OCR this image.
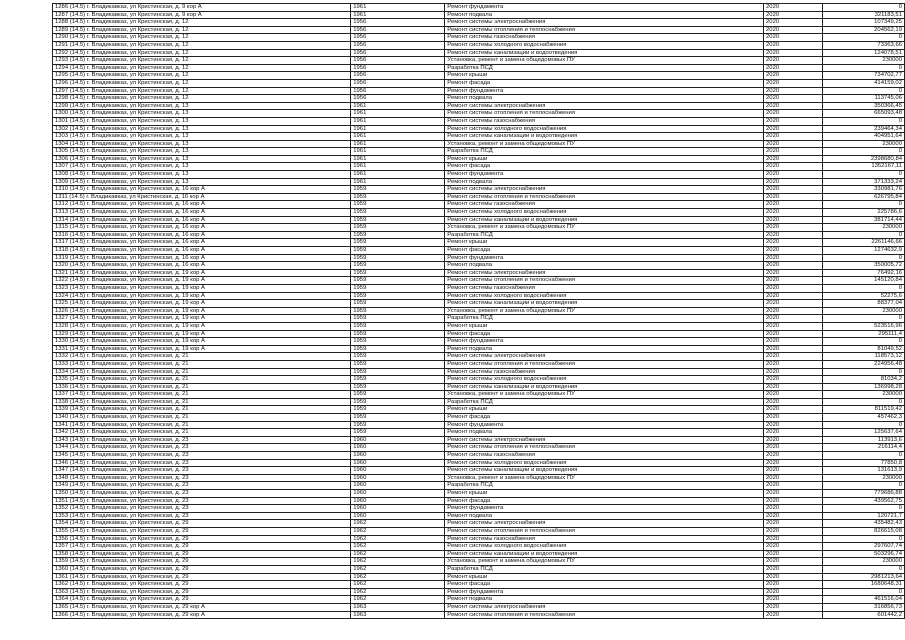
1286 (14.5) г. Владикавказ, ул Кристинская, д. 9 кор А	1961	Ремонт фундамента	2020	0
1287 (14.5) г. Владикавказ, ул Кристинская, д. 9 кор А	1961	Ремонт подвала	2020	321183,51
1288 (14.5) г. Владикавказ, ул Кристинская, д. 12	1956	Ремонт системы электроснабжения	2020	107349,25
1289 (14.5) г. Владикавказ, ул Кристинская, д. 12	1956	Ремонт системы отопления и теплоснабжения	2020	204562,19
1290 (14.5) г. Владикавказ, ул Кристинская, д. 12	1956	Ремонт системы газоснабжения	2020	0
1291 (14.5) г. Владикавказ, ул Кристинская, д. 12	1956	Ремонт системы холодного водоснабжения	2020	73363,66
1292 (14.5) г. Владикавказ, ул Кристинская, д. 12	1956	Ремонт системы канализации и водоотведения	2020	124078,51
1293 (14.5) г. Владикавказ, ул Кристинская, д. 12	1956	Установка, ремонт и замена общедомовых ПУ	2020	230000
1294 (14.5) г. Владикавказ, ул Кристинская, д. 12	1956	Разработка ПСД	2020	0
1295 (14.5) г. Владикавказ, ул Кристинская, д. 12	1956	Ремонт крыши	2020	734702,77
1296 (14.5) г. Владикавказ, ул Кристинская, д. 12	1956	Ремонт фасада	2020	414159,02
1297 (14.5) г. Владикавказ, ул Кристинская, д. 12	1956	Ремонт фундамента	2020	0
1298 (14.5) г. Владикавказ, ул Кристинская, д. 12	1956	Ремонт подвала	2020	113745,06
1299 (14.5) г. Владикавказ, ул Кристинская, д. 13	1961	Ремонт системы электроснабжения	2020	350366,45
1300 (14.5) г. Владикавказ, ул Кристинская, д. 13	1961	Ремонт системы отопления и теплоснабжения	2020	665093,48
1301 (14.5) г. Владикавказ, ул Кристинская, д. 13	1961	Ремонт системы газоснабжения	2020	0
1302 (14.5) г. Владикавказ, ул Кристинская, д. 13	1961	Ремонт системы холодного водоснабжения	2020	239464,34
1303 (14.5) г. Владикавказ, ул Кристинская, д. 13	1961	Ремонт системы канализации и водоотведения	2020	404951,64
1304 (14.5) г. Владикавказ, ул Кристинская, д. 13	1961	Установка, ремонт и замена общедомовых ПУ	2020	230000
1305 (14.5) г. Владикавказ, ул Кристинская, д. 13	1961	Разработка ПСД	2020	0
1306 (14.5) г. Владикавказ, ул Кристинская, д. 13	1961	Ремонт крыши	2020	2398680,84
1307 (14.5) г. Владикавказ, ул Кристинская, д. 13	1961	Ремонт фасада	2020	1352167,11
1308 (14.5) г. Владикавказ, ул Кристинская, д. 13	1961	Ремонт фундамента	2020	0
1309 (14.5) г. Владикавказ, ул Кристинская, д. 13	1961	Ремонт подвала	2020	371333,24
1310 (14.5) г. Владикавказ, ул Кристинская, д. 16 кор А	1959	Ремонт системы электроснабжения	2020	330981,76
1311 (14.5) г. Владикавказ, ул Кристинская, д. 16 кор А	1959	Ремонт системы отопления и теплоснабжения	2020	626795,84
1312 (14.5) г. Владикавказ, ул Кристинская, д. 16 кор А	1959	Ремонт системы газоснабжения	2020	0
1313 (14.5) г. Владикавказ, ул Кристинская, д. 16 кор А	1959	Ремонт системы холодного водоснабжения	2020	225786,6
1314 (14.5) г. Владикавказ, ул Кристинская, д. 16 кор А	1959	Ремонт системы канализации и водоотведения	2020	381714,44
1315 (14.5) г. Владикавказ, ул Кристинская, д. 16 кор А	1959	Установка, ремонт и замена общедомовых ПУ	2020	230000
1316 (14.5) г. Владикавказ, ул Кристинская, д. 16 кор А	1959	Разработка ПСД	2020	0
1317 (14.5) г. Владикавказ, ул Кристинская, д. 16 кор А	1959	Ремонт крыши	2020	2261146,66
1318 (14.5) г. Владикавказ, ул Кристинская, д. 16 кор А	1959	Ремонт фасада	2020	1274632,9
1319 (14.5) г. Владикавказ, ул Кристинская, д. 16 кор А	1959	Ремонт фундамента	2020	0
1320 (14.5) г. Владикавказ, ул Кристинская, д. 16 кор А	1959	Ремонт подвала	2020	350005,72
1321 (14.5) г. Владикавказ, ул Кристинская, д. 19 кор А	1959	Ремонт системы электроснабжения	2020	76492,16
1322 (14.5) г. Владикавказ, ул Кристинская, д. 19 кор А	1959	Ремонт системы отопления и теплоснабжения	2020	145120,84
1323 (14.5) г. Владикавказ, ул Кристинская, д. 19 кор А	1959	Ремонт системы газоснабжения	2020	0
1324 (14.5) г. Владикавказ, ул Кристинская, д. 19 кор А	1959	Ремонт системы холодного водоснабжения	2020	52275,6
1325 (14.5) г. Владикавказ, ул Кристинская, д. 19 кор А	1959	Ремонт системы канализации и водоотведения	2020	88377,04
1326 (14.5) г. Владикавказ, ул Кристинская, д. 19 кор А	1959	Установка, ремонт и замена общедомовых ПУ	2020	230000
1327 (14.5) г. Владикавказ, ул Кристинская, д. 19 кор А	1959	Разработка ПСД	2020	0
1328 (14.5) г. Владикавказ, ул Кристинская, д. 19 кор А	1959	Ремонт крыши	2020	523516,96
1329 (14.5) г. Владикавказ, ул Кристинская, д. 19 кор А	1959	Ремонт фасада	2020	295111,4
1330 (14.5) г. Владикавказ, ул Кристинская, д. 19 кор А	1959	Ремонт фундамента	2020	0
1331 (14.5) г. Владикавказ, ул Кристинская, д. 19 кор А	1959	Ремонт подвала	2020	81049,52
1332 (14.5) г. Владикавказ, ул Кристинская, д. 21	1959	Ремонт системы электроснабжения	2020	118573,12
1333 (14.5) г. Владикавказ, ул Кристинская, д. 21	1959	Ремонт системы отопления и теплоснабжения	2020	224956,48
1334 (14.5) г. Владикавказ, ул Кристинская, д. 21	1959	Ремонт системы газоснабжения	2020	0
1335 (14.5) г. Владикавказ, ул Кристинская, д. 21	1959	Ремонт системы холодного водоснабжения	2020	81034,2
1336 (14.5) г. Владикавказ, ул Кристинская, д. 21	1959	Ремонт системы канализации и водоотведения	2020	136998,28
1337 (14.5) г. Владикавказ, ул Кристинская, д. 21	1959	Установка, ремонт и замена общедомовых ПУ	2020	230000
1338 (14.5) г. Владикавказ, ул Кристинская, д. 21	1959	Разработка ПСД	2020	0
1339 (14.5) г. Владикавказ, ул Кристинская, д. 21	1959	Ремонт крыши	2020	811519,42
1340 (14.5) г. Владикавказ, ул Кристинская, д. 21	1959	Ремонт фасада	2020	457462,3
1341 (14.5) г. Владикавказ, ул Кристинская, д. 21	1959	Ремонт фундамента	2020	0
1342 (14.5) г. Владикавказ, ул Кристинская, д. 21	1959	Ремонт подвала	2020	125637,64
1343 (14.5) г. Владикавказ, ул Кристинская, д. 23	1960	Ремонт системы электроснабжения	2020	113913,6
1344 (14.5) г. Владикавказ, ул Кристинская, д. 23	1960	Ремонт системы отопления и теплоснабжения	2020	216114,4
1345 (14.5) г. Владикавказ, ул Кристинская, д. 23	1960	Ремонт системы газоснабжения	2020	0
1346 (14.5) г. Владикавказ, ул Кристинская, д. 23	1960	Ремонт системы холодного водоснабжения	2020	77850,8
1347 (14.5) г. Владикавказ, ул Кристинская, д. 23	1960	Ремонт системы канализации и водоотведения	2020	131613,9
1348 (14.5) г. Владикавказ, ул Кристинская, д. 23	1960	Установка, ремонт и замена общедомовых ПУ	2020	230000
1349 (14.5) г. Владикавказ, ул Кристинская, д. 23	1960	Разработка ПСД	2020	0
1350 (14.5) г. Владикавказ, ул Кристинская, д. 23	1960	Ремонт крыши	2020	779686,88
1351 (14.5) г. Владикавказ, ул Кристинская, д. 23	1960	Ремонт фасада	2020	439562,75
1352 (14.5) г. Владикавказ, ул Кристинская, д. 23	1960	Ремонт фундамента	2020	0
1353 (14.5) г. Владикавказ, ул Кристинская, д. 23	1960	Ремонт подвала	2020	120721,7
1354 (14.5) г. Владикавказ, ул Кристинская, д. 29	1962	Ремонт системы электроснабжения	2020	435482,43
1355 (14.5) г. Владикавказ, ул Кристинская, д. 29	1962	Ремонт системы отопления и теплоснабжения	2020	826615,08
1356 (14.5) г. Владикавказ, ул Кристинская, д. 29	1962	Ремонт системы газоснабжения	2020	0
1357 (14.5) г. Владикавказ, ул Кристинская, д. 29	1962	Ремонт системы холодного водоснабжения	2020	297607,74
1358 (14.5) г. Владикавказ, ул Кристинская, д. 29	1962	Ремонт системы канализации и водоотведения	2020	503296,74
1359 (14.5) г. Владикавказ, ул Кристинская, д. 29	1962	Установка, ремонт и замена общедомовых ПУ	2020	230000
1360 (14.5) г. Владикавказ, ул Кристинская, д. 29	1962	Разработка ПСД	2020	0
1361 (14.5) г. Владикавказ, ул Кристинская, д. 29	1962	Ремонт крыши	2020	2981213,64
1362 (14.5) г. Владикавказ, ул Кристинская, д. 29	1962	Ремонт фасада	2020	1680648,31
1363 (14.5) г. Владикавказ, ул Кристинская, д. 29	1962	Ремонт фундамента	2020	0
1364 (14.5) г. Владикавказ, ул Кристинская, д. 29	1962	Ремонт подвала	2020	461516,04
1365 (14.5) г. Владикавказ, ул Кристинская, д. 29 кор А	1963	Ремонт системы электроснабжения	2020	316856,73
1366 (14.5) г. Владикавказ, ул Кристинская, д. 29 кор А	1963	Ремонт системы отопления и теплоснабжения	2020	601442,2
